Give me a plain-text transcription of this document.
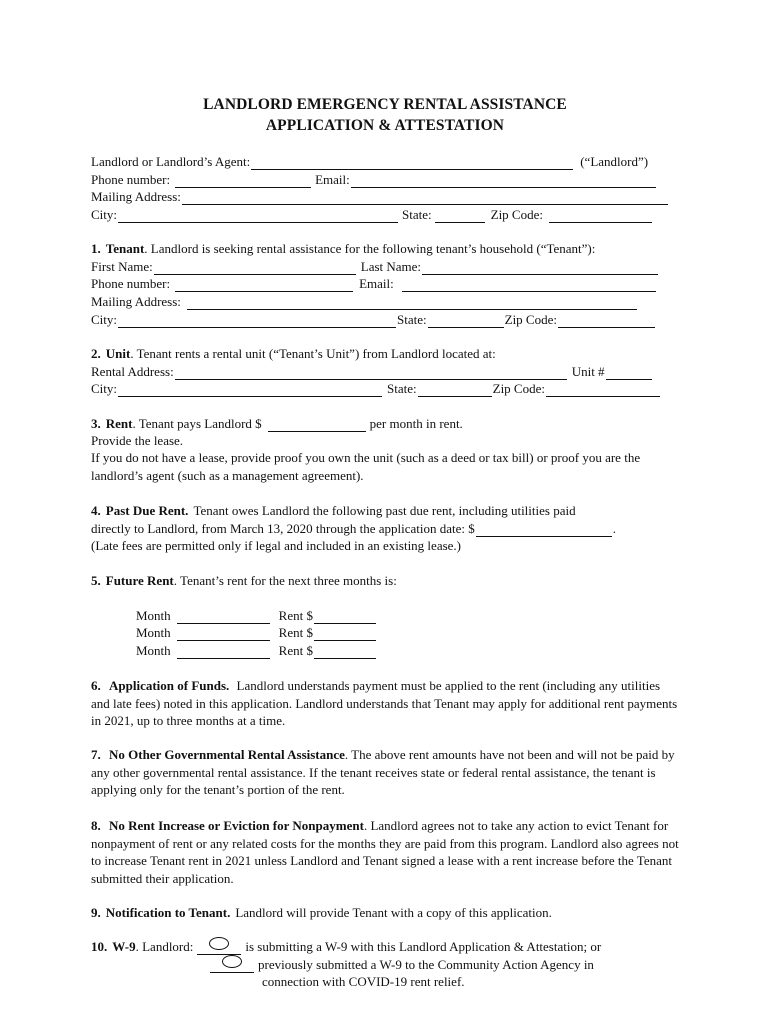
LANDLORD EMERGENCY RENTAL ASSISTANCE
APPLICATION & ATTESTATION
Landlord or Landlord’s Agent:	(“Landlord”)
Phone number:	Email:
Mailing Address:
City:	State:	Zip Code:
1. Tenant . Landlord is seeking rental assistance for the following tenant’s household (“Tenant”):
First Name:	Last Name:
Phone number:	Email:
Mailing Address:
City:	State:	Zip Code:
2. Unit . Tenant rents a rental unit (“Tenant’s Unit”) from Landlord located at:
Rental Address:	Unit #
City:	State:	Zip Code:
3. Rent . Tenant pays Landlord $	per month in rent.
Provide the lease.
If you do not have a lease, provide proof you own the unit (such as a deed or tax bill) or proof you are the landlord’s agent (such as a management agreement).
4. Past Due Rent. Tenant owes Landlord the following past due rent, including utilities paid
directly to Landlord, from March 13, 2020 through the application date: $	.
(Late fees are permitted only if legal and included in an existing lease.)
5. Future Rent . Tenant’s rent for the next three months is:
Month	Rent $
Month	Rent $
Month	Rent $
6. Application of Funds. Landlord understands payment must be applied to the rent (including any utilities and late fees) noted in this application. Landlord understands that Tenant may apply for additional rent payments in 2021, up to three months at a time.
7. No Other Governmental Rental Assistance. The above rent amounts have not been and will not be paid by any other governmental rental assistance. If the tenant receives state or federal rental assistance, the tenant is applying only for the tenant’s portion of the rent.
8. No Rent Increase or Eviction for Nonpayment. Landlord agrees not to take any action to evict Tenant for nonpayment of rent or any related costs for the months they are paid from this program. Landlord also agrees not to increase Tenant rent in 2021 unless Landlord and Tenant signed a lease with a rent increase before the Tenant submitted their application.
9. Notification to Tenant. Landlord will provide Tenant with a copy of this application.
10. W-9 . Landlord:	is submitting a W-9 with this Landlord Application & Attestation; or
previously submitted a W-9 to the Community Action Agency in
connection with COVID-19 rent relief.
